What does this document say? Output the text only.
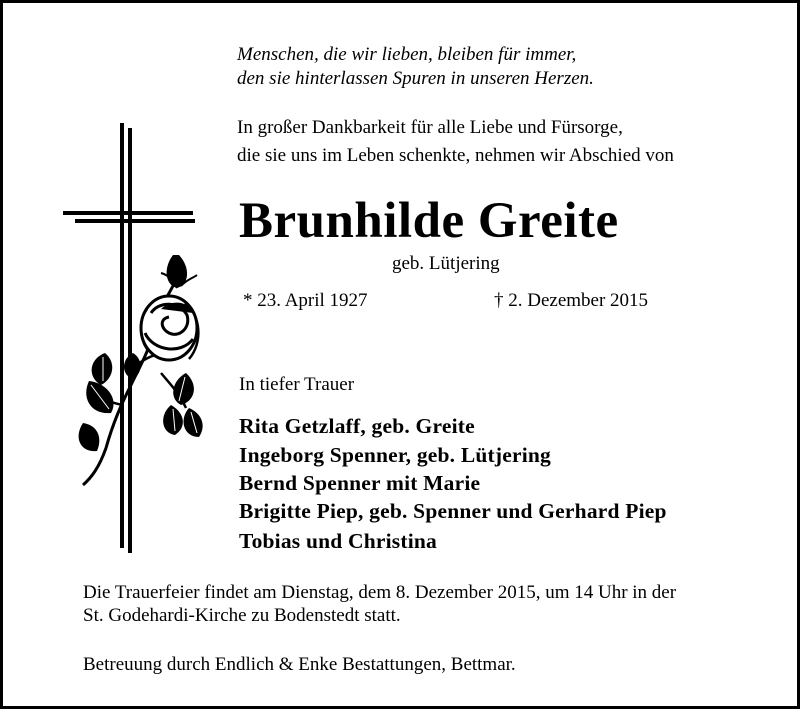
Menschen, die wir lieben, bleiben für immer,
den sie hinterlassen Spuren in unseren Herzen.
In großer Dankbarkeit für alle Liebe und Fürsorge,
die sie uns im Leben schenkte, nehmen wir Abschied von
Brunhilde Greite
geb. Lütjering
* 23. April 1927	† 2. Dezember 2015
In tiefer Trauer
Rita Getzlaff, geb. Greite
Ingeborg Spenner, geb. Lütjering
Bernd Spenner mit Marie
Brigitte Piep, geb. Spenner und Gerhard Piep
Tobias und Christina
Die Trauerfeier findet am Dienstag, dem 8. Dezember 2015, um 14 Uhr in der
St. Godehardi-Kirche zu Bodenstedt statt.
Betreuung durch Endlich & Enke Bestattungen, Bettmar.
